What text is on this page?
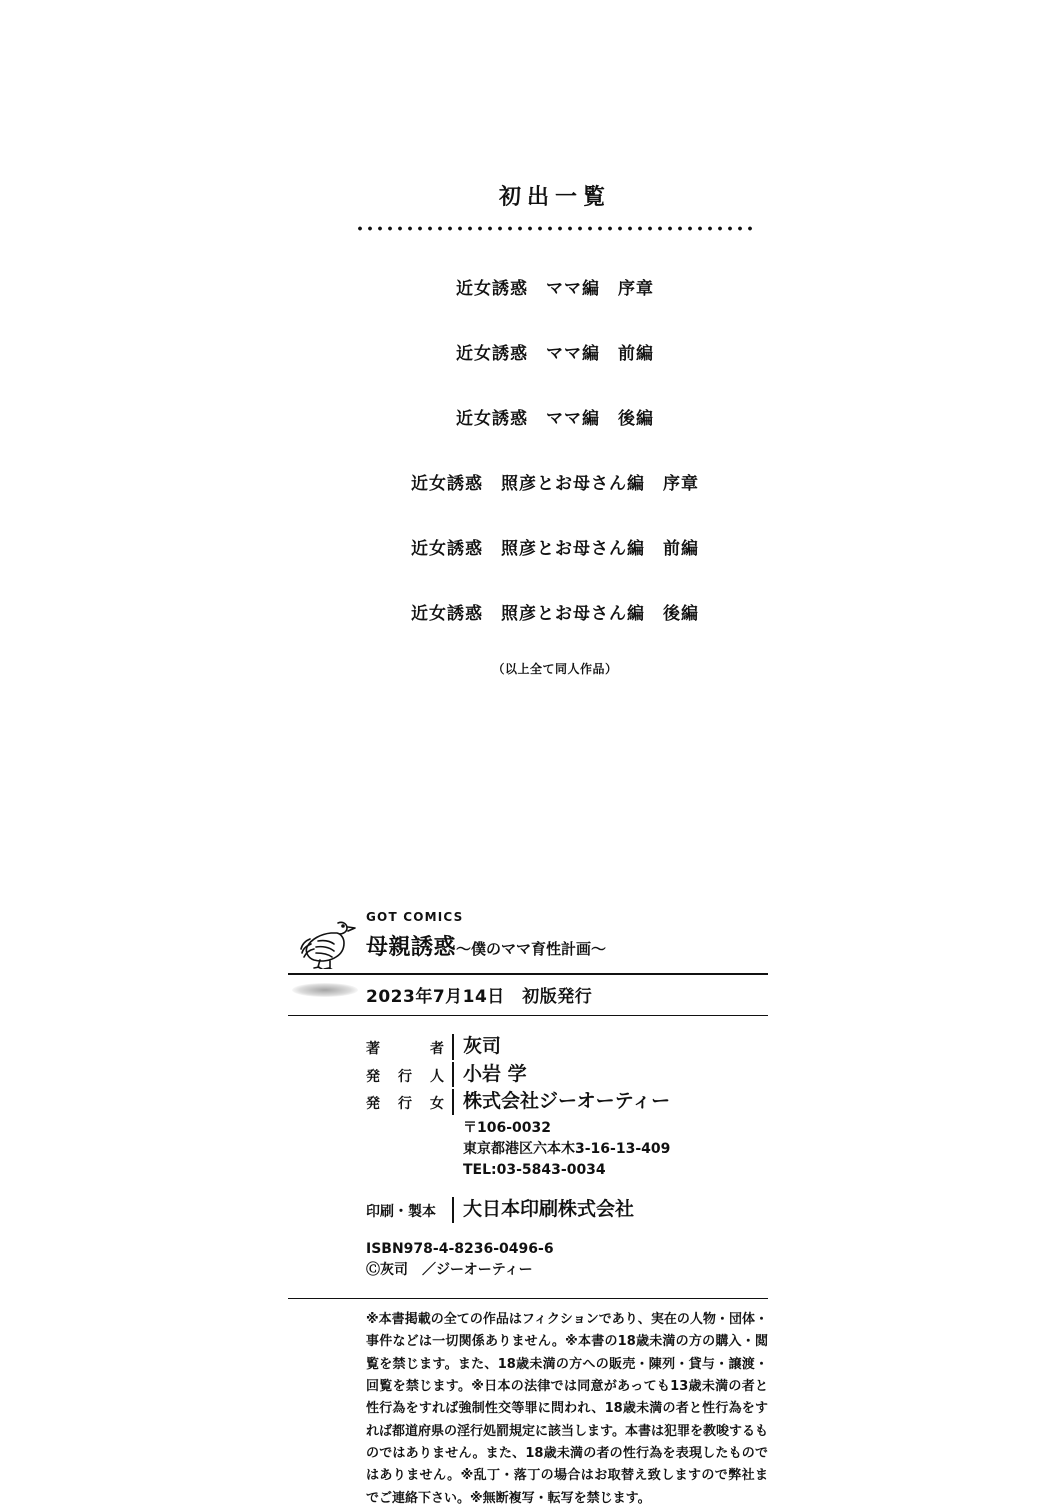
初出一覧
近女誘惑　ママ編　序章
近女誘惑　ママ編　前編
近女誘惑　ママ編　後編
近女誘惑　照彦とお母さん編　序章
近女誘惑　照彦とお母さん編　前編
近女誘惑　照彦とお母さん編　後編
（以上全て同人作品）
GOT COMICS
母親誘惑〜僕のママ育性計画〜
2023年7月14日　初版発行
著	者	灰司
発 行 人	小岩 学
発 行 女	株式会社ジーオーティー
〒106-0032
東京都港区六本木3-16-13-409
TEL:03-5843-0034
印刷・製本	大日本印刷株式会社
ISBN978-4-8236-0496-6
Ⓒ灰司　／ジーオーティー
※本書掲載の全ての作品はフィクションであり、実在の人物・団体・事件などは一切関係ありません。※本書の18歳未満の方の購入・閲覧を禁じます。また、18歳未満の方への販売・陳列・貸与・譲渡・回覧を禁じます。※日本の法律では同意があっても13歳未満の者と性行為をすれば強制性交等罪に問われ、18歳未満の者と性行為をすれば都道府県の淫行処罰規定に該当します。本書は犯罪を教唆するものではありません。また、18歳未満の者の性行為を表現したものではありません。※乱丁・落丁の場合はお取替え致しますので弊社までご連絡下さい。※無断複写・転写を禁じます。
